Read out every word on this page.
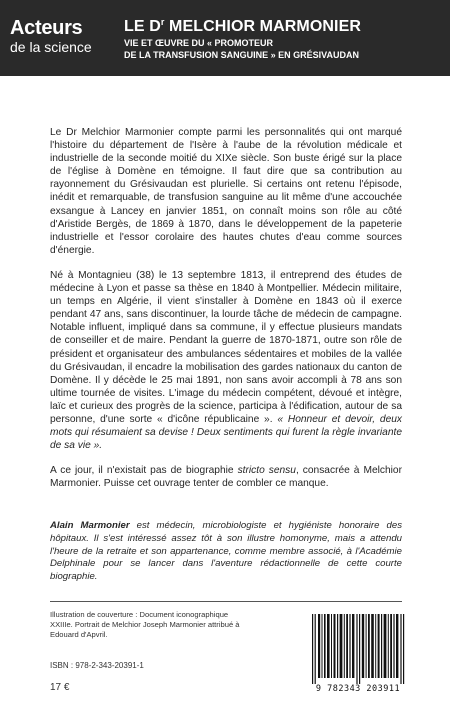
Acteurs
de la science
LE $D^r$ MELCHIOR MARMONIER
VIE ET ŒUVRE DU « PROMOTEUR
DE LA TRANSFUSION SANGUINE » EN GRÉSIVAUDAN

Le Dr Melchior Marmonier compte parmi les personnalités qui ont marqué l'histoire du département de l'Isère à l'aube de la révolution médicale et industrielle de la seconde moitié du XIXe siècle. Son buste érigé sur la place de l'église à Domène en témoigne. Il faut dire que sa contribution au rayonnement du Grésivaudan est plurielle. Si certains ont retenu l'épisode, inédit et remarquable, de transfusion sanguine au lit même d'une accouchée exsangue à Lancey en janvier 1851, on connaît moins son rôle au côté d'Aristide Bergès, de 1869 à 1870, dans le développement de la papeterie industrielle et l'essor corolaire des hautes chutes d'eau comme sources d'énergie.

Né à Montagnieu (38) le 13 septembre 1813, il entreprend des études de médecine à Lyon et passe sa thèse en 1840 à Montpellier. Médecin militaire, un temps en Algérie, il vient s'installer à Domène en 1843 où il exerce pendant 47 ans, sans discontinuer, la lourde tâche de médecin de campagne. Notable influent, impliqué dans sa commune, il y effectue plusieurs mandats de conseiller et de maire. Pendant la guerre de 1870-1871, outre son rôle de président et organisateur des ambulances sédentaires et mobiles de la vallée du Grésivaudan, il encadre la mobilisation des gardes nationaux du canton de Domène. Il y décède le 25 mai 1891, non sans avoir accompli à 78 ans son ultime tournée de visites. L'image du médecin compétent, dévoué et intègre, laïc et curieux des progrès de la science, participa à l'édification, autour de sa personne, d'une sorte « d'icône républicaine ». « Honneur et devoir, deux mots qui résumaient sa devise ! Deux sentiments qui furent la règle invariante de sa vie ».

A ce jour, il n'existait pas de biographie stricto sensu, consacrée à Melchior Marmonier. Puisse cet ouvrage tenter de combler ce manque.

Alain Marmonier est médecin, microbiologiste et hygiéniste honoraire des hôpitaux. Il s'est intéressé assez tôt à son illustre homonyme, mais a attendu l'heure de la retraite et son appartenance, comme membre associé, à l'Académie Delphinale pour se lancer dans l'aventure rédactionnelle de cette courte biographie.
Illustration de couverture : Document iconographique XXIIIe. Portrait de Melchior Joseph Marmonier attribué à Edouard d'Apvril.
ISBN : 978-2-343-20391-1
17 €	9 782343 203911
